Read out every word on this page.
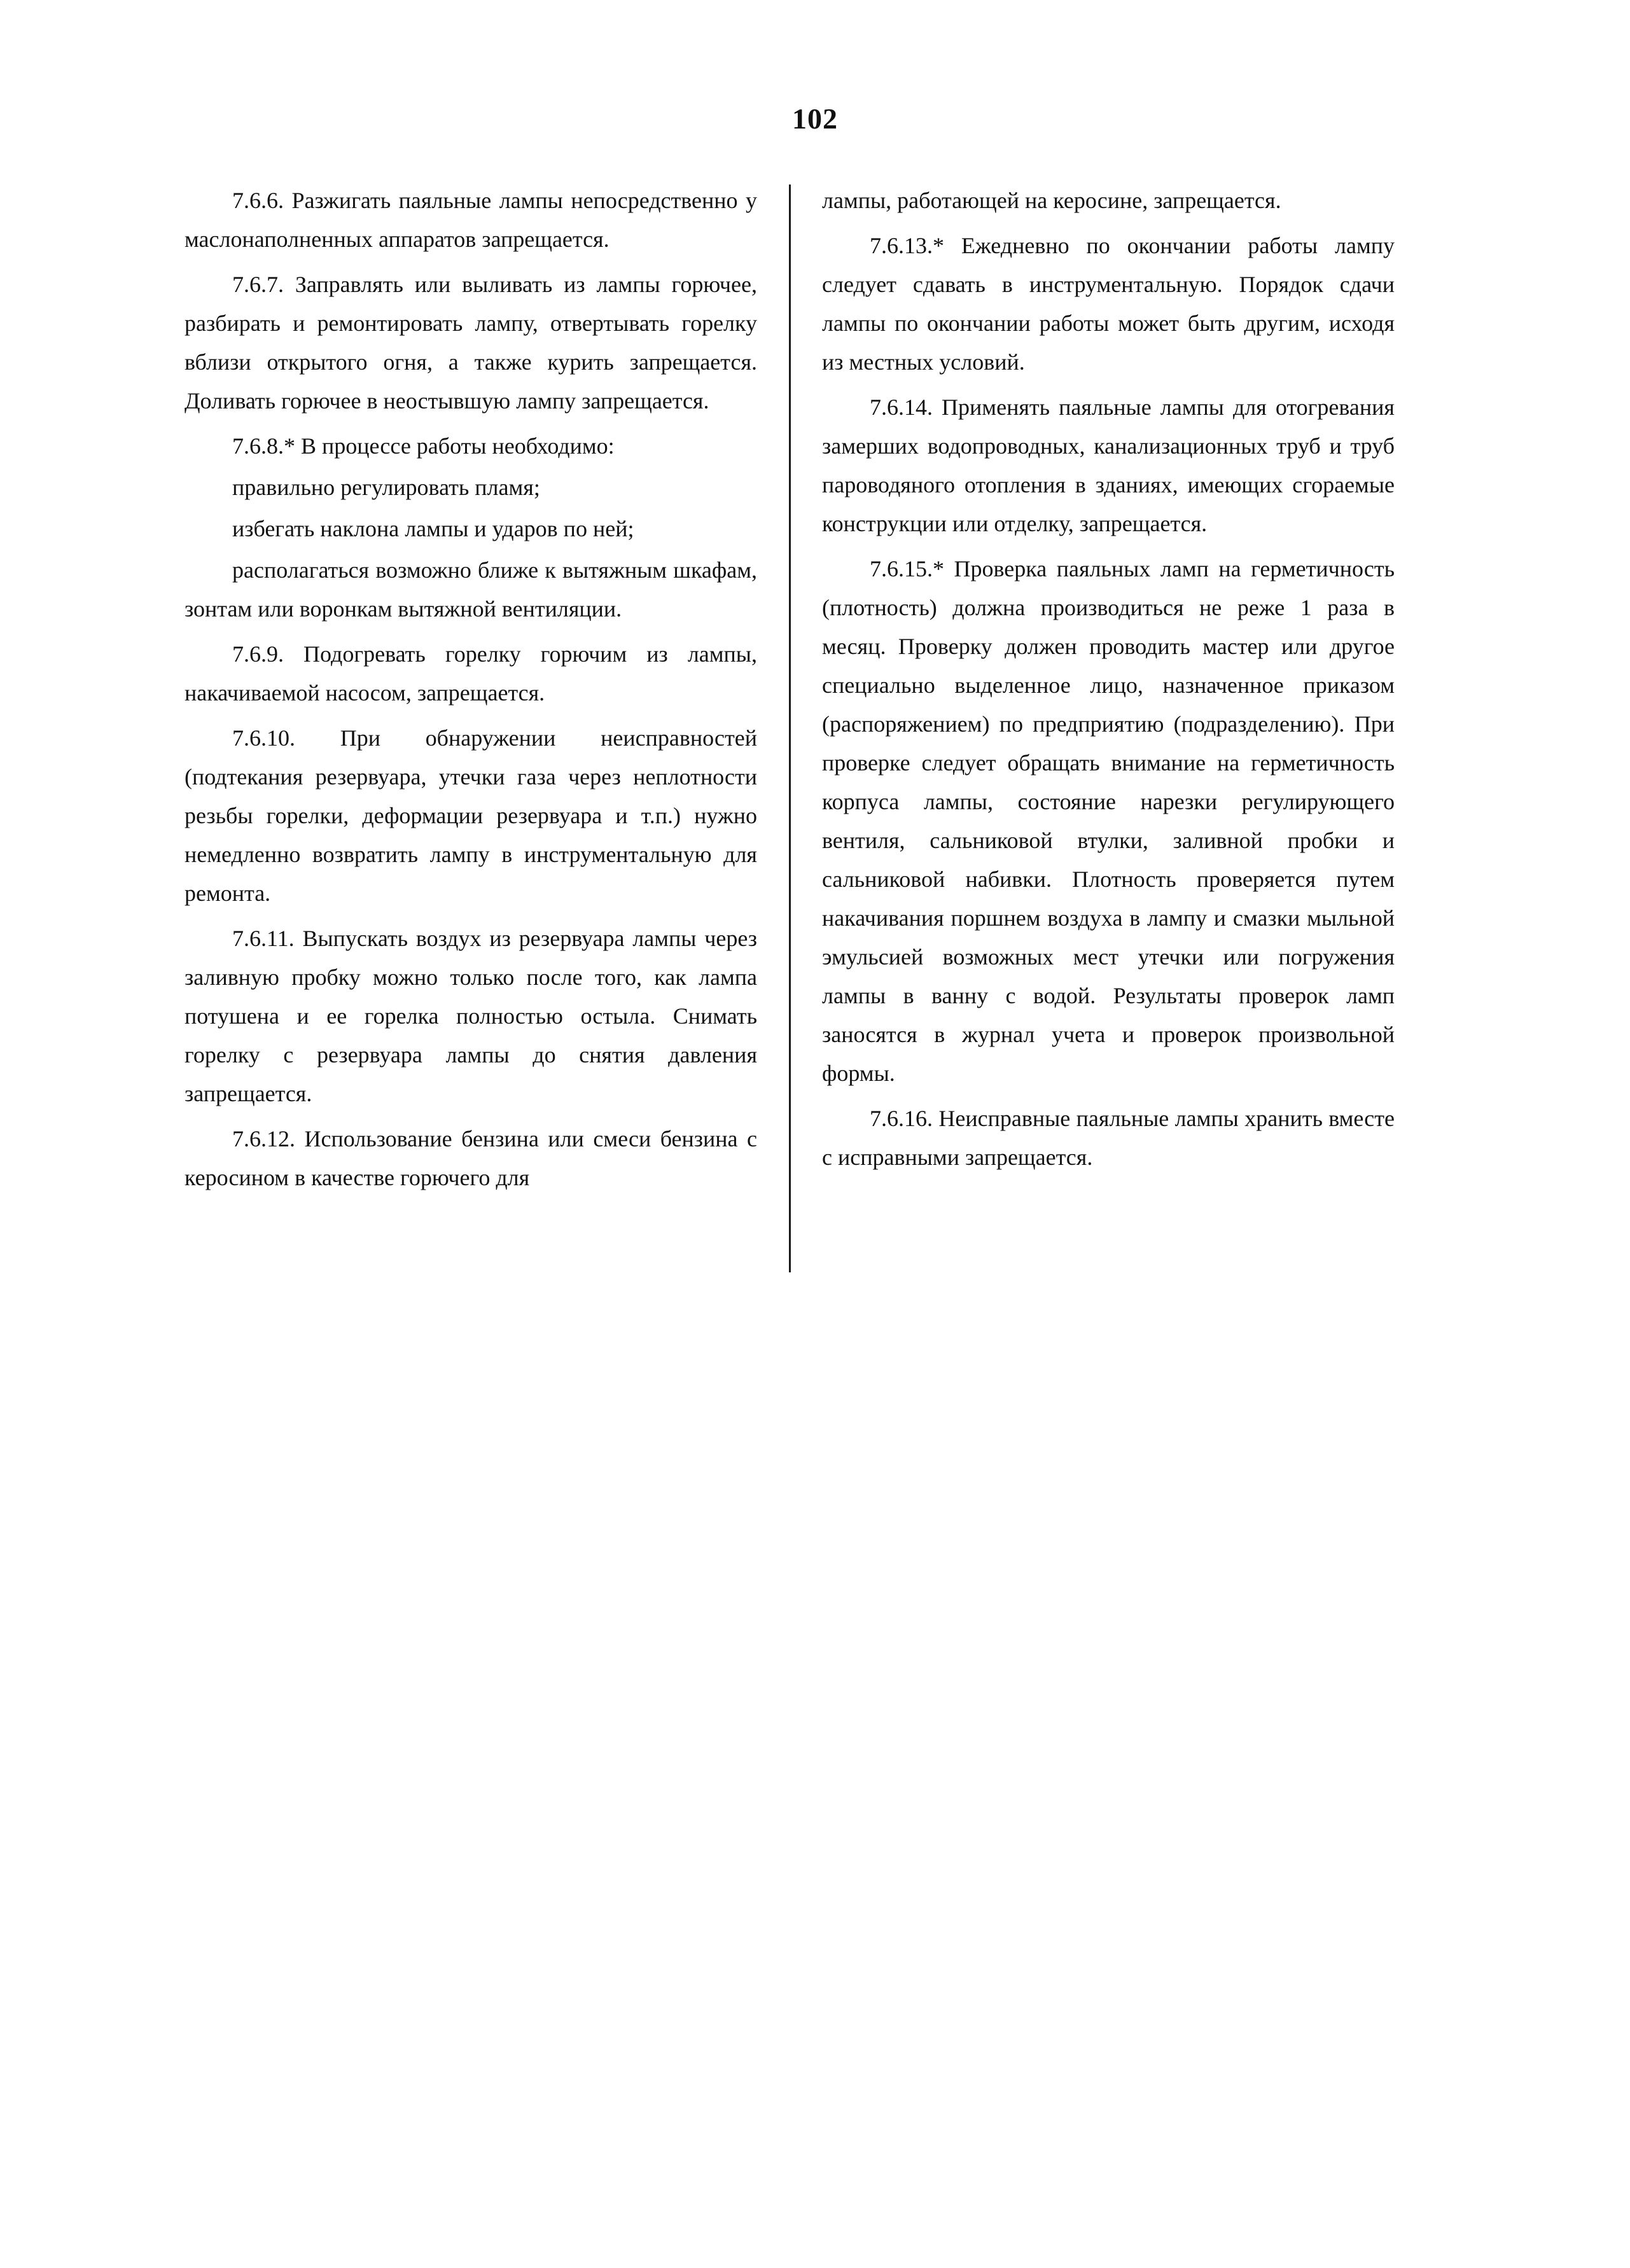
102

7.6.6. Разжигать паяльные лампы непосредственно у маслонаполненных аппаратов запрещается.

7.6.7. Заправлять или выливать из лампы горючее, разбирать и ремонтировать лампу, отвертывать горелку вблизи открытого огня, а также курить запрещается. Доливать горючее в неостывшую лампу запрещается.

7.6.8.* В процессе работы необходимо:

правильно регулировать пламя;

избегать наклона лампы и ударов по ней;

располагаться возможно ближе к вытяжным шкафам, зонтам или воронкам вытяжной вентиляции.

7.6.9. Подогревать горелку горючим из лампы, накачиваемой насосом, запрещается.

7.6.10. При обнаружении неисправностей (подтекания резервуара, утечки газа через неплотности резьбы горелки, деформации резервуара и т.п.) нужно немедленно возвратить лампу в инструментальную для ремонта.

7.6.11. Выпускать воздух из резервуара лампы через заливную пробку можно только после того, как лампа потушена и ее горелка полностью остыла. Снимать горелку с резервуара лампы до снятия давления запрещается.

7.6.12. Использование бензина или смеси бензина с керосином в качестве горючего для

лампы, работающей на керосине, запрещается.

7.6.13.* Ежедневно по окончании работы лампу следует сдавать в инструментальную. Порядок сдачи лампы по окончании работы может быть другим, исходя из местных условий.

7.6.14. Применять паяльные лампы для отогревания замерших водопроводных, канализационных труб и труб пароводяного отопления в зданиях, имеющих сгораемые конструкции или отделку, запрещается.

7.6.15.* Проверка паяльных ламп на герметичность (плотность) должна производиться не реже 1 раза в месяц. Проверку должен проводить мастер или другое специально выделенное лицо, назначенное приказом (распоряжением) по предприятию (подразделению). При проверке следует обращать внимание на герметичность корпуса лампы, состояние нарезки регулирующего вентиля, сальниковой втулки, заливной пробки и сальниковой набивки. Плотность проверяется путем накачивания поршнем воздуха в лампу и смазки мыльной эмульсией возможных мест утечки или погружения лампы в ванну с водой. Результаты проверок ламп заносятся в журнал учета и проверок произвольной формы.

7.6.16. Неисправные паяльные лампы хранить вместе с исправными запрещается.
